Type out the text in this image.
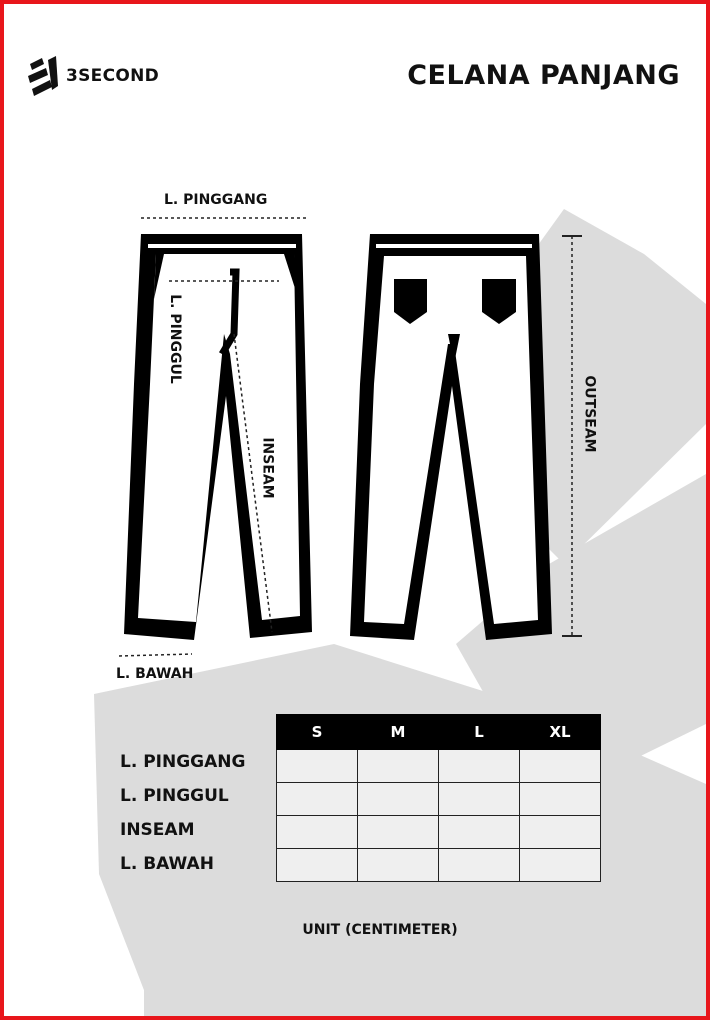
3SECOND	CELANA PANJANG
L. PINGGANG
L. PINGGUL
INSEAM
OUTSEAM
L. BAWAH
S	M	L	XL

L. PINGGANG
L. PINGGUL
INSEAM
L. BAWAH
UNIT (CENTIMETER)
